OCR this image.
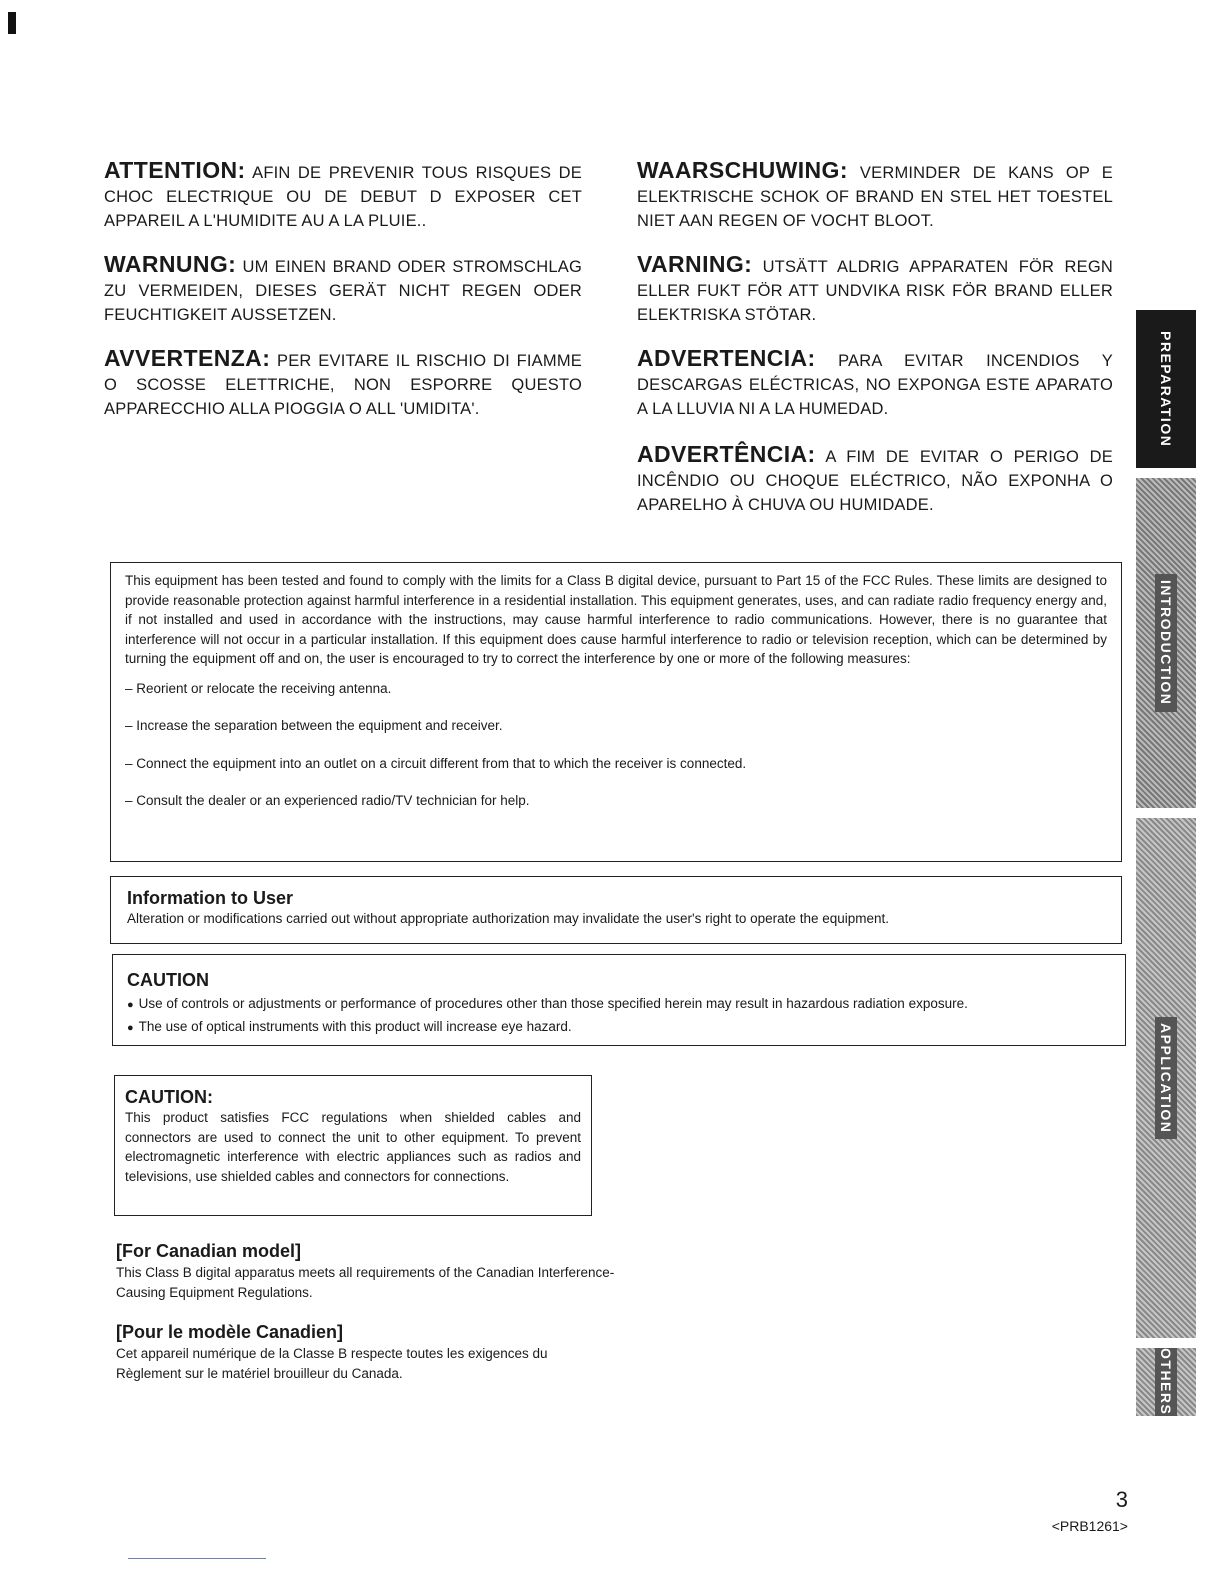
ATTENTION: AFIN DE PREVENIR TOUS RISQUES DE CHOC ELECTRIQUE OU DE DEBUT D EXPOSER CET APPAREIL A L'HUMIDITE AU A LA PLUIE..

WARNUNG: UM EINEN BRAND ODER STROMSCHLAG ZU VERMEIDEN, DIESES GERÄT NICHT REGEN ODER FEUCHTIGKEIT AUSSETZEN.

AVVERTENZA: PER EVITARE IL RISCHIO DI FIAMME O SCOSSE ELETTRICHE, NON ESPORRE QUESTO APPARECCHIO ALLA PIOGGIA O ALL 'UMIDITA'.

WAARSCHUWING: VERMINDER DE KANS OP E ELEKTRISCHE SCHOK OF BRAND EN STEL HET TOESTEL NIET AAN REGEN OF VOCHT BLOOT.

VARNING: UTSÄTT ALDRIG APPARATEN FÖR REGN ELLER FUKT FÖR ATT UNDVIKA RISK FÖR BRAND ELLER ELEKTRISKA STÖTAR.

ADVERTENCIA: PARA EVITAR INCENDIOS Y DESCARGAS ELÉCTRICAS, NO EXPONGA ESTE APARATO A LA LLUVIA NI A LA HUMEDAD.

ADVERTÊNCIA: A FIM DE EVITAR O PERIGO DE INCÊNDIO OU CHOQUE ELÉCTRICO, NÃO EXPONHA O APARELHO À CHUVA OU HUMIDADE.

This equipment has been tested and found to comply with the limits for a Class B digital device, pursuant to Part 15 of the FCC Rules. These limits are designed to provide reasonable protection against harmful interference in a residential installation. This equipment generates, uses, and can radiate radio frequency energy and, if not installed and used in accordance with the instructions, may cause harmful interference to radio communications. However, there is no guarantee that interference will not occur in a particular installation. If this equipment does cause harmful interference to radio or television reception, which can be determined by turning the equipment off and on, the user is encouraged to try to correct the interference by one or more of the following measures:

– Reorient or relocate the receiving antenna.
– Increase the separation between the equipment and receiver.
– Connect the equipment into an outlet on a circuit different from that to which the receiver is connected.
– Consult the dealer or an experienced radio/TV technician for help.
Information to User
Alteration or modifications carried out without appropriate authorization may invalidate the user's right to operate the equipment.
CAUTION
● Use of controls or adjustments or performance of procedures other than those specified herein may result in hazardous radiation exposure.
● The use of optical instruments with this product will increase eye hazard.
CAUTION:
This product satisfies FCC regulations when shielded cables and connectors are used to connect the unit to other equipment. To prevent electromagnetic interference with electric appliances such as radios and televisions, use shielded cables and connectors for connections.
[For Canadian model]
This Class B digital apparatus meets all requirements of the Canadian Interference-Causing Equipment Regulations.
[Pour le modèle Canadien]
Cet appareil numérique de la Classe B respecte toutes les exigences du Règlement sur le matériel brouilleur du Canada.
PREPARATION
INTRODUCTION
APPLICATION
OTHERS
3
<PRB1261>
